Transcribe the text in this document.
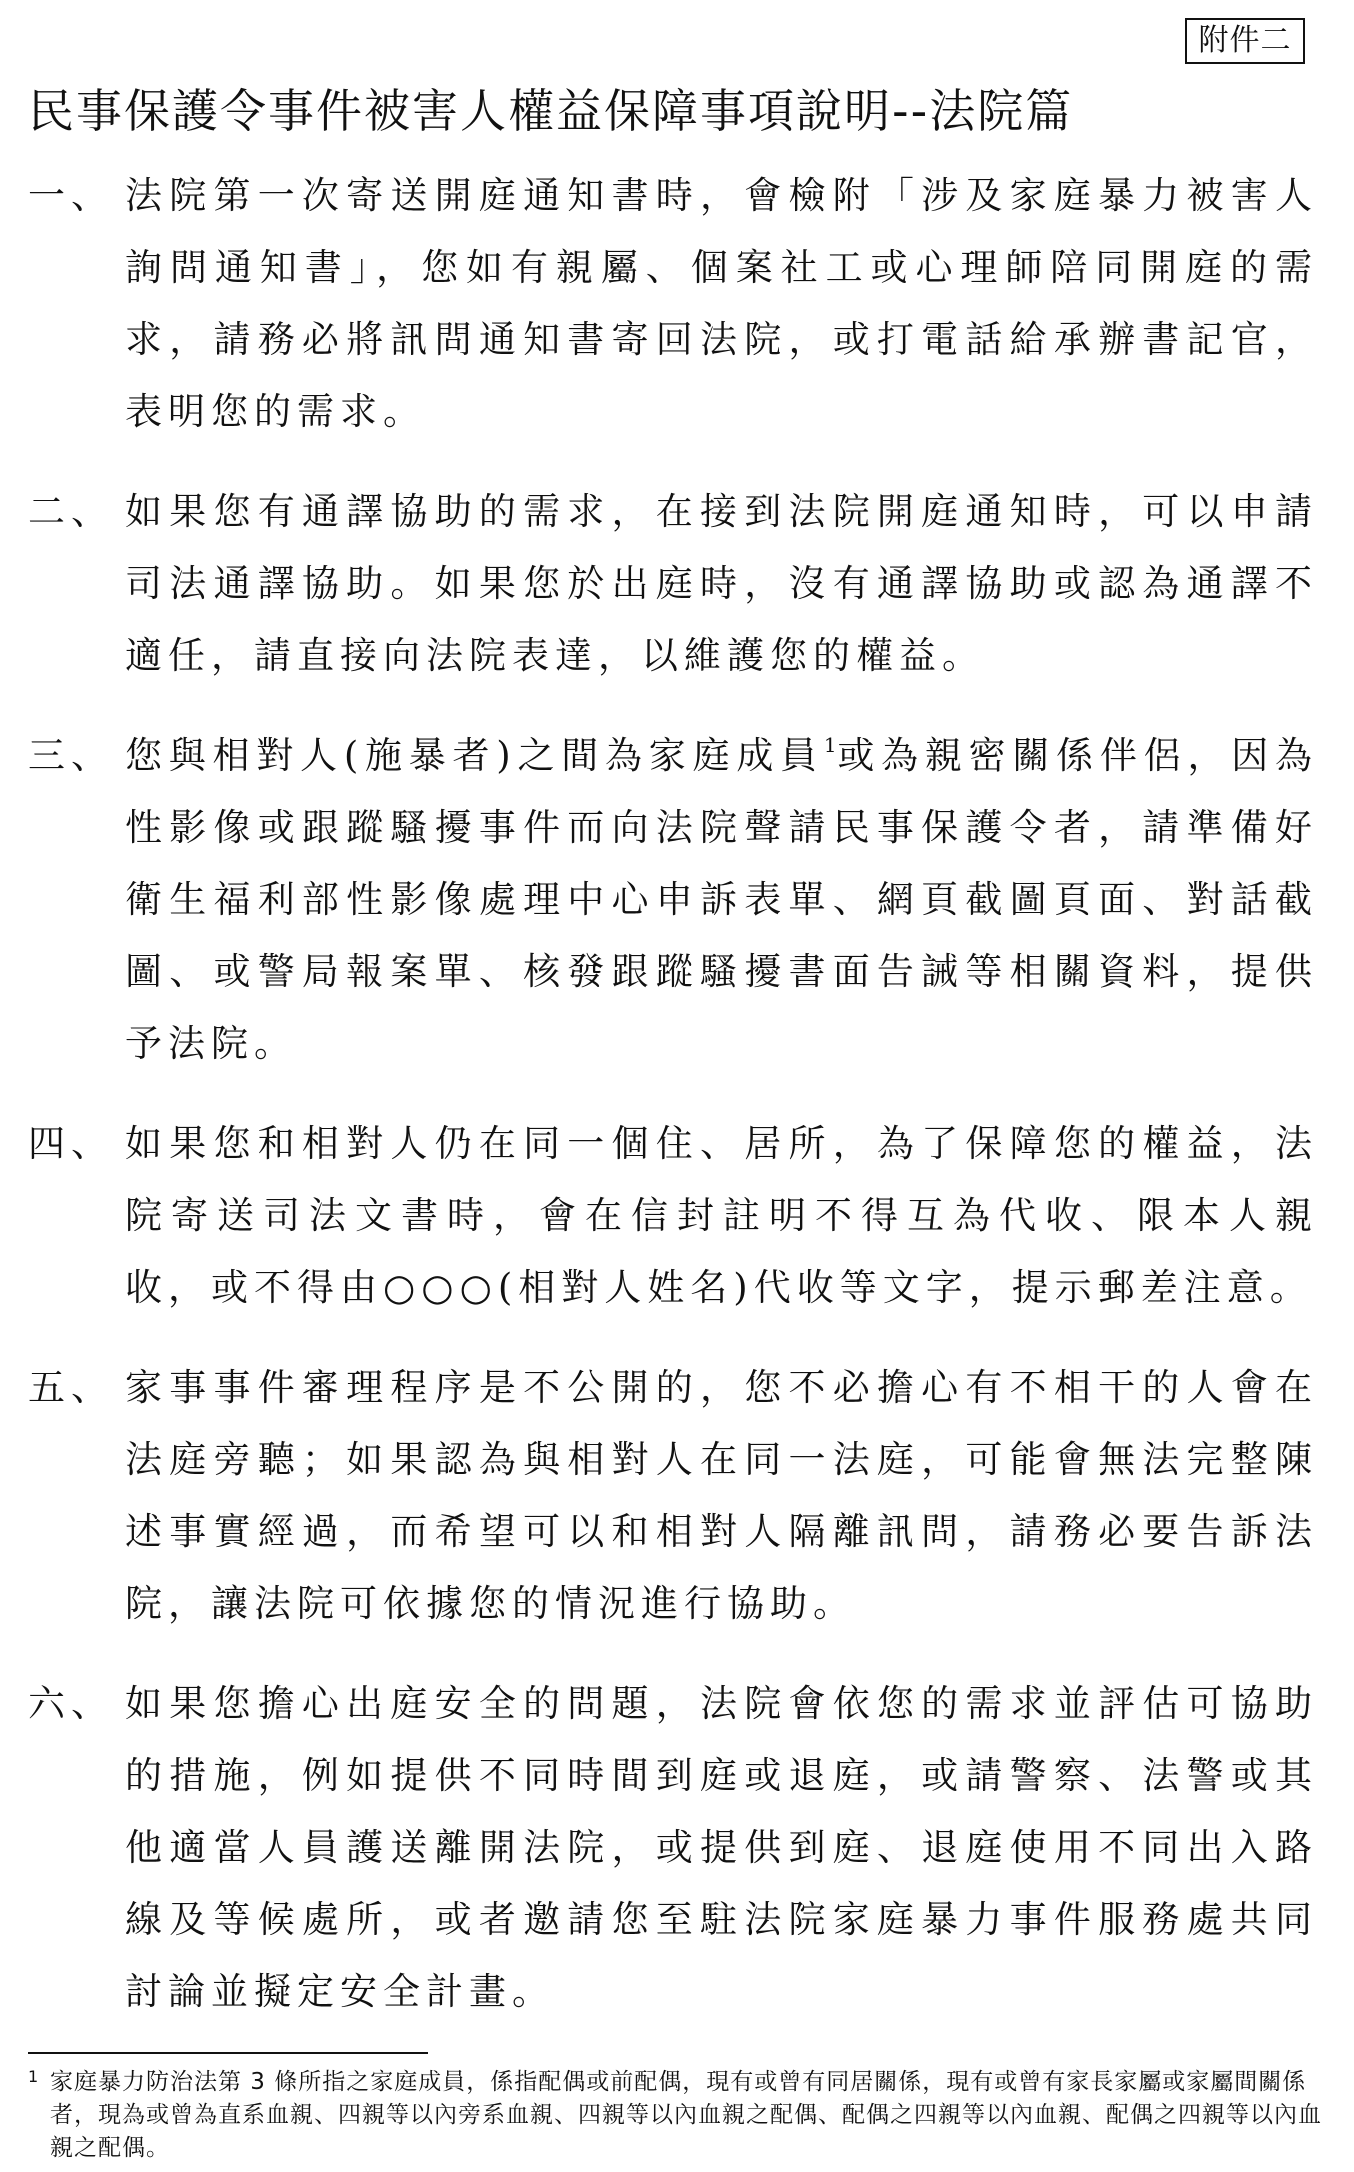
附件二
民事保護令事件被害人權益保障事項說明--法院篇
一、 法院第一次寄送開庭通知書時，會檢附「涉及家庭暴力被害人詢問通知書」，您如有親屬、個案社工或心理師陪同開庭的需求，請務必將訊問通知書寄回法院，或打電話給承辦書記官，表明您的需求。
二、 如果您有通譯協助的需求，在接到法院開庭通知時，可以申請司法通譯協助。如果您於出庭時，沒有通譯協助或認為通譯不適任，請直接向法院表達，以維護您的權益。
三、 您與相對人(施暴者)之間為家庭成員$^1$或為親密關係伴侶，因為性影像或跟蹤騷擾事件而向法院聲請民事保護令者，請準備好衛生福利部性影像處理中心申訴表單、網頁截圖頁面、對話截圖、或警局報案單、核發跟蹤騷擾書面告誡等相關資料，提供予法院。
四、 如果您和相對人仍在同一個住、居所，為了保障您的權益，法院寄送司法文書時，會在信封註明不得互為代收、限本人親收，或不得由○○○(相對人姓名)代收等文字，提示郵差注意。
五、 家事事件審理程序是不公開的，您不必擔心有不相干的人會在法庭旁聽；如果認為與相對人在同一法庭，可能會無法完整陳述事實經過，而希望可以和相對人隔離訊問，請務必要告訴法院，讓法院可依據您的情況進行協助。
六、 如果您擔心出庭安全的問題，法院會依您的需求並評估可協助的措施，例如提供不同時間到庭或退庭，或請警察、法警或其他適當人員護送離開法院，或提供到庭、退庭使用不同出入路線及等候處所，或者邀請您至駐法院家庭暴力事件服務處共同討論並擬定安全計畫。
1 家庭暴力防治法第 3 條所指之家庭成員，係指配偶或前配偶，現有或曾有同居關係，現有或曾有家長家屬或家屬間關係者，現為或曾為直系血親、四親等以內旁系血親、四親等以內血親之配偶、配偶之四親等以內血親、配偶之四親等以內血親之配偶。
